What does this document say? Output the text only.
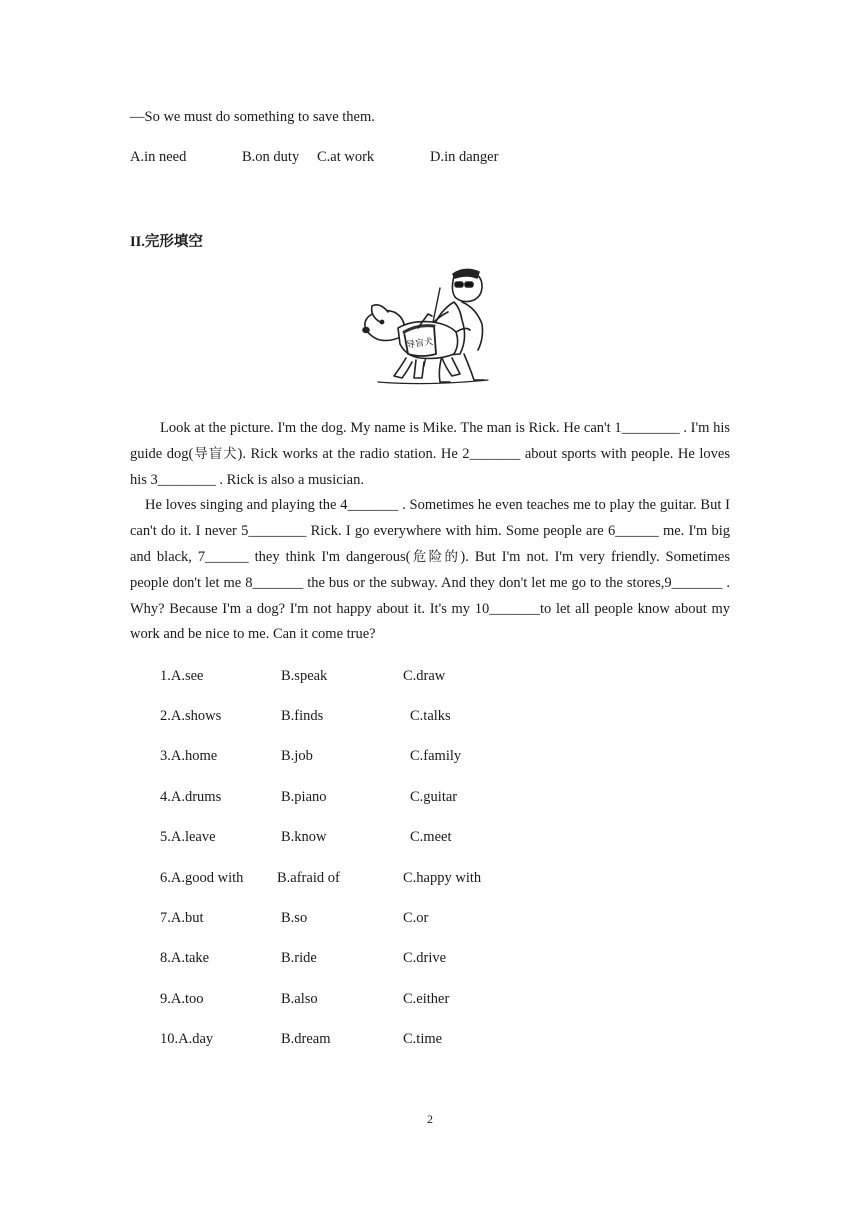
—So we must do something to save them.
A.in need	B.on duty C.at work	D.in danger
II.完形填空
导盲犬

Look at the picture. I'm the dog. My name is Mike. The man is Rick. He can't 1________ . I'm his guide dog(导盲犬). Rick works at the radio station. He 2_______ about sports with people. He loves his 3________ . Rick is also a musician.

He loves singing and playing the 4_______ . Sometimes he even teaches me to play the guitar. But I can't do it. I never 5________ Rick. I go everywhere with him. Some people are 6______ me. I'm big and black, 7______ they think I'm dangerous(危险的). But I'm not. I'm very friendly. Sometimes people don't let me 8_______ the bus or the subway. And they don't let me go to the stores,9_______ . Why? Because I'm a dog? I'm not happy about it. It's my 10_______to let all people know about my work and be nice to me. Can it come true?

1.A.see	B.speak	C.draw
2.A.shows	B.finds	C.talks
3.A.home	B.job	C.family
4.A.drums	B.piano	C.guitar
5.A.leave	B.know	C.meet
6.A.good with B.afraid of	C.happy with
7.A.but	B.so	C.or
8.A.take	B.ride	C.drive
9.A.too	B.also	C.either
10.A.day	B.dream	C.time
2
